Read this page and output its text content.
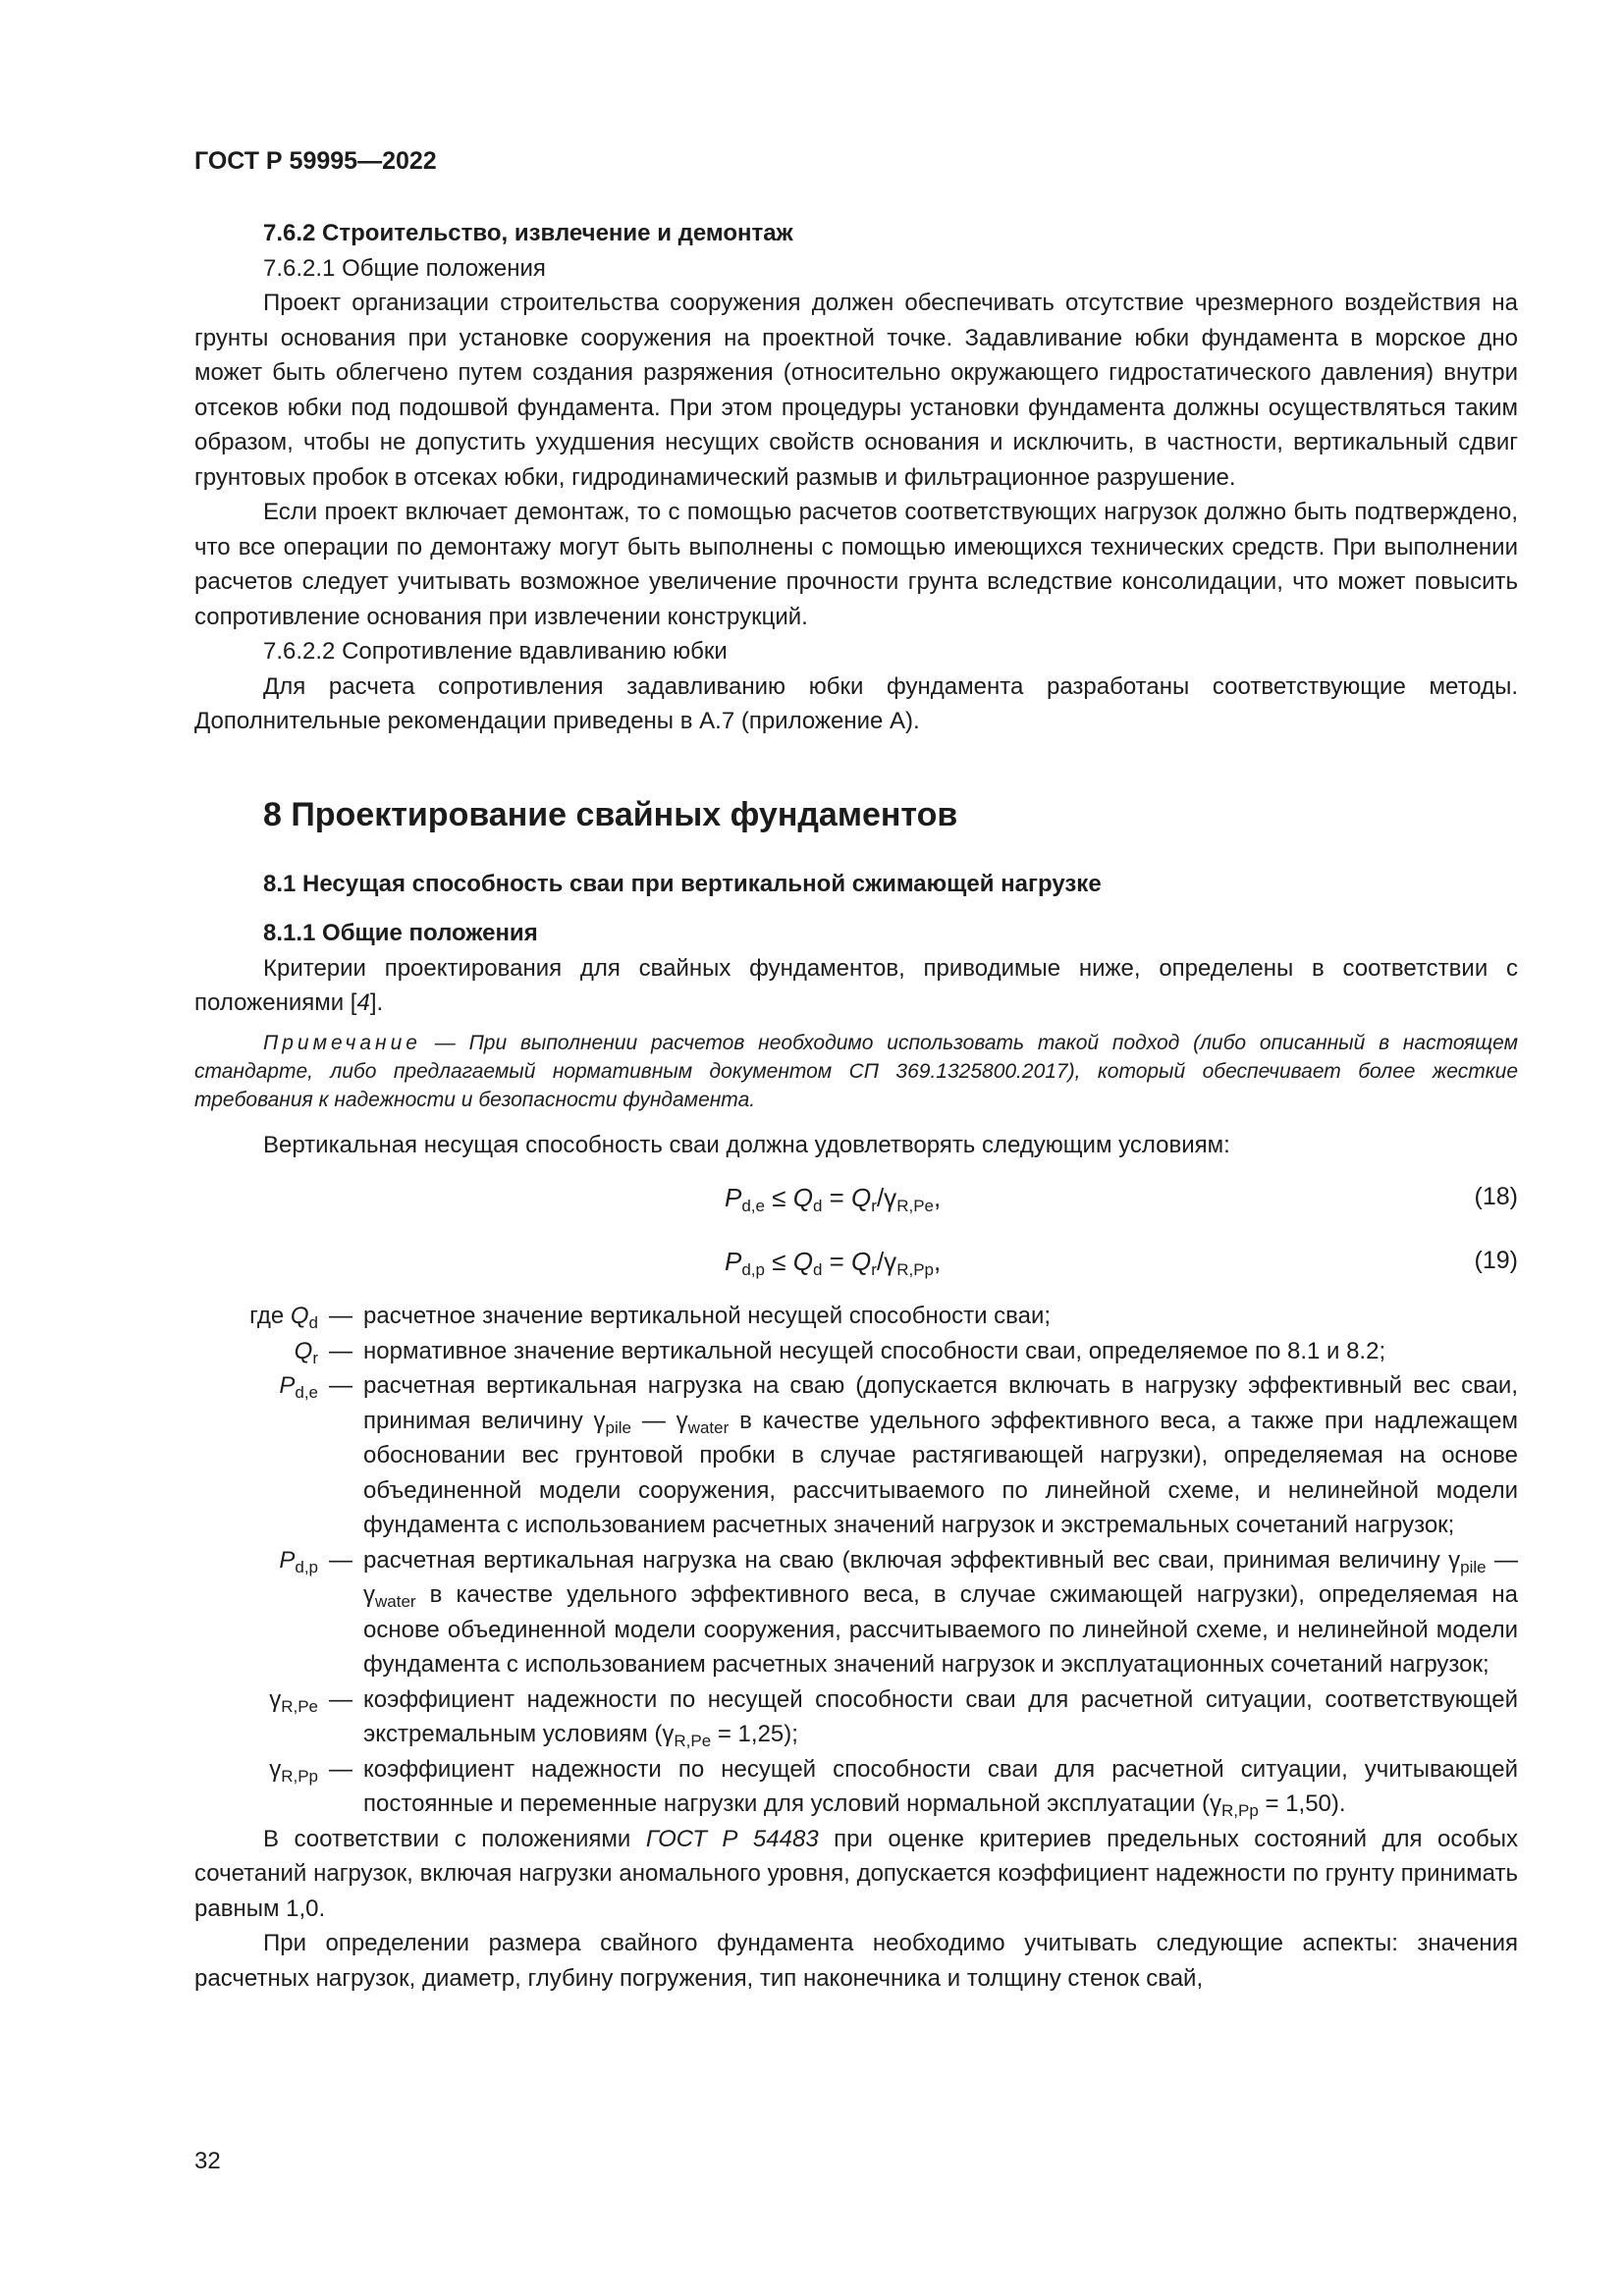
ГОСТ Р 59995—2022

7.6.2 Строительство, извлечение и демонтаж

7.6.2.1 Общие положения

Проект организации строительства сооружения должен обеспечивать отсутствие чрезмерного воздействия на грунты основания при установке сооружения на проектной точке. Задавливание юбки фундамента в морское дно может быть облегчено путем создания разряжения (относительно окружающего гидростатического давления) внутри отсеков юбки под подошвой фундамента. При этом процедуры установки фундамента должны осуществляться таким образом, чтобы не допустить ухудшения несущих свойств основания и исключить, в частности, вертикальный сдвиг грунтовых пробок в отсеках юбки, гидродинамический размыв и фильтрационное разрушение.

Если проект включает демонтаж, то с помощью расчетов соответствующих нагрузок должно быть подтверждено, что все операции по демонтажу могут быть выполнены с помощью имеющихся технических средств. При выполнении расчетов следует учитывать возможное увеличение прочности грунта вследствие консолидации, что может повысить сопротивление основания при извлечении конструкций.

7.6.2.2 Сопротивление вдавливанию юбки

Для расчета сопротивления задавливанию юбки фундамента разработаны соответствующие методы. Дополнительные рекомендации приведены в А.7 (приложение А).

8 Проектирование свайных фундаментов

8.1 Несущая способность сваи при вертикальной сжимающей нагрузке

8.1.1 Общие положения

Критерии проектирования для свайных фундаментов, приводимые ниже, определены в соответствии с положениями [4].

Примечание — При выполнении расчетов необходимо использовать такой подход (либо описанный в настоящем стандарте, либо предлагаемый нормативным документом СП 369.1325800.2017), который обеспечивает более жесткие требования к надежности и безопасности фундамента.

Вертикальная несущая способность сваи должна удовлетворять следующим условиям:

$P_{d,e} \le Q_d = Q_r/\gamma_{R,Pe}$,	(18)
$P_{d,p} \le Q_d = Q_r/\gamma_{R,Pp}$,	(19)
где $Q_d$ — расчетное значение вертикальной несущей способности сваи;
$Q_r$ — нормативное значение вертикальной несущей способности сваи, определяемое по 8.1 и 8.2;
$P_{d,e}$ — расчетная вертикальная нагрузка на сваю (допускается включать в нагрузку эффективный вес сваи, принимая величину $\gamma_{pile}$ — $\gamma_{water}$ в качестве удельного эффективного веса, а также при надлежащем обосновании вес грунтовой пробки в случае растягивающей нагрузки), определяемая на основе объединенной модели сооружения, рассчитываемого по линейной схеме, и нелинейной модели фундамента с использованием расчетных значений нагрузок и экстремальных сочетаний нагрузок;
$P_{d,p}$ — расчетная вертикальная нагрузка на сваю (включая эффективный вес сваи, принимая величину $\gamma_{pile}$ — $\gamma_{water}$ в качестве удельного эффективного веса, в случае сжимающей нагрузки), определяемая на основе объединенной модели сооружения, рассчитываемого по линейной схеме, и нелинейной модели фундамента с использованием расчетных значений нагрузок и эксплуатационных сочетаний нагрузок;
$\gamma_{R,Pe}$ — коэффициент надежности по несущей способности сваи для расчетной ситуации, соответствующей экстремальным условиям $(\gamma_{R,Pe} = 1,25)$;
$\gamma_{R,Pp}$ — коэффициент надежности по несущей способности сваи для расчетной ситуации, учитывающей постоянные и переменные нагрузки для условий нормальной эксплуатации $(\gamma_{R,Pp} = 1,50)$.

В соответствии с положениями ГОСТ Р 54483 при оценке критериев предельных состояний для особых сочетаний нагрузок, включая нагрузки аномального уровня, допускается коэффициент надежности по грунту принимать равным 1,0.

При определении размера свайного фундамента необходимо учитывать следующие аспекты: значения расчетных нагрузок, диаметр, глубину погружения, тип наконечника и толщину стенок свай,

32
